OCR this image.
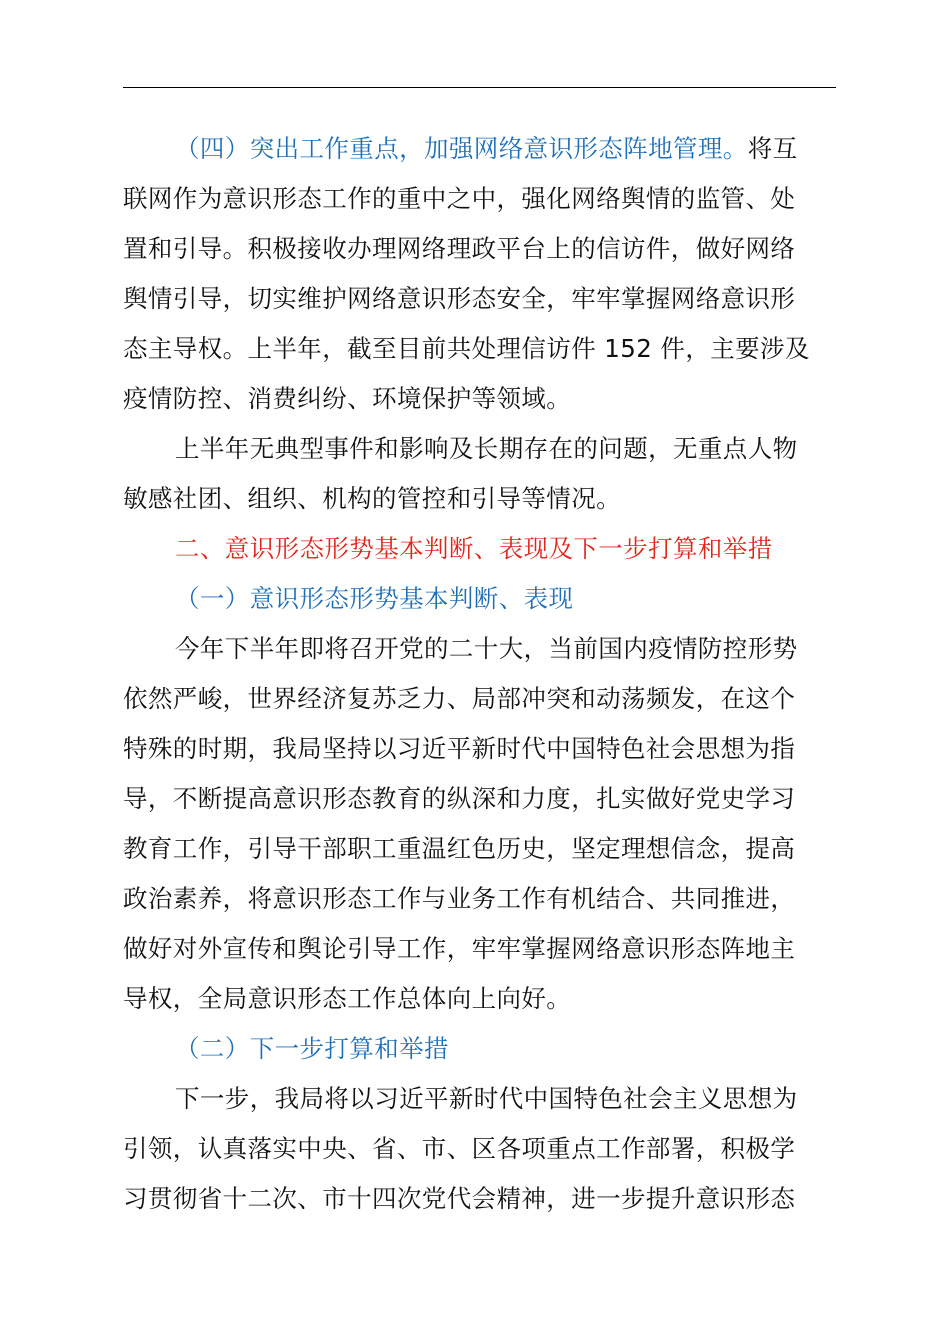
（四）突出工作重点，加强网络意识形态阵地管理。将互
联网作为意识形态工作的重中之中，强化网络舆情的监管、处
置和引导。积极接收办理网络理政平台上的信访件，做好网络
舆情引导，切实维护网络意识形态安全，牢牢掌握网络意识形
态主导权。上半年，截至目前共处理信访件 152 件，主要涉及
疫情防控、消费纠纷、环境保护等领域。

上半年无典型事件和影响及长期存在的问题，无重点人物
敏感社团、组织、机构的管控和引导等情况。

二、意识形态形势基本判断、表现及下一步打算和举措

（一）意识形态形势基本判断、表现

今年下半年即将召开党的二十大，当前国内疫情防控形势
依然严峻，世界经济复苏乏力、局部冲突和动荡频发，在这个
特殊的时期，我局坚持以习近平新时代中国特色社会思想为指
导，不断提高意识形态教育的纵深和力度，扎实做好党史学习
教育工作，引导干部职工重温红色历史，坚定理想信念，提高
政治素养，将意识形态工作与业务工作有机结合、共同推进，
做好对外宣传和舆论引导工作，牢牢掌握网络意识形态阵地主
导权，全局意识形态工作总体向上向好。

（二）下一步打算和举措

下一步，我局将以习近平新时代中国特色社会主义思想为
引领，认真落实中央、省、市、区各项重点工作部署，积极学
习贯彻省十二次、市十四次党代会精神，进一步提升意识形态
